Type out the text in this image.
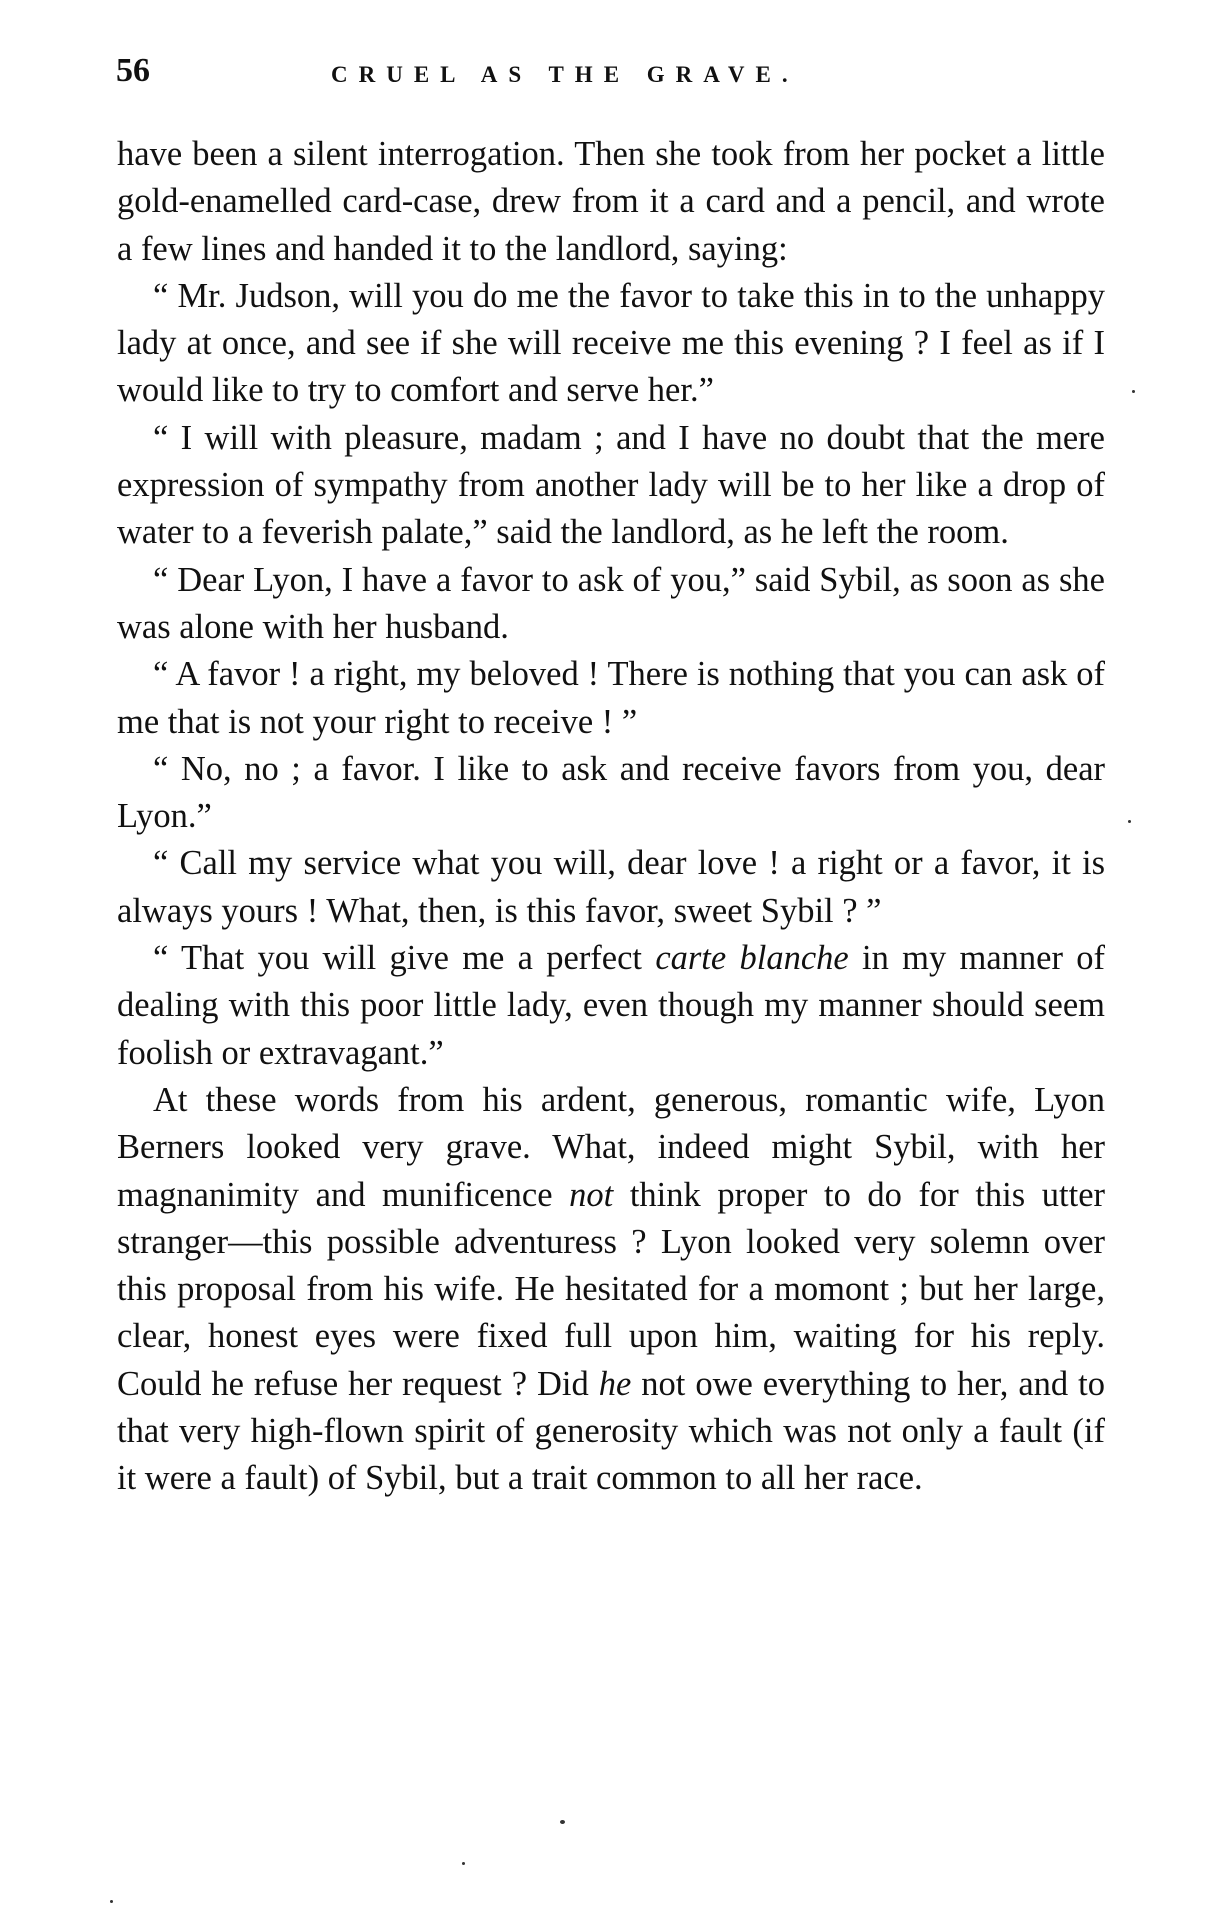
56	CRUEL AS THE GRAVE.

have been a silent interrogation. Then she took from her pocket a little gold-enamelled card-case, drew from it a card and a pencil, and wrote a few lines and handed it to the landlord, saying:

“ Mr. Judson, will you do me the favor to take this in to the unhappy lady at once, and see if she will receive me this evening ? I feel as if I would like to try to comfort and serve her.”

“ I will with pleasure, madam ; and I have no doubt that the mere expression of sympathy from another lady will be to her like a drop of water to a feverish palate,” said the landlord, as he left the room.

“ Dear Lyon, I have a favor to ask of you,” said Sybil, as soon as she was alone with her husband.

“ A favor ! a right, my beloved ! There is nothing that you can ask of me that is not your right to receive ! ”

“ No, no ; a favor. I like to ask and receive favors from you, dear Lyon.”

“ Call my service what you will, dear love ! a right or a favor, it is always yours ! What, then, is this favor, sweet Sybil ? ”

“ That you will give me a perfect carte blanche in my manner of dealing with this poor little lady, even though my manner should seem foolish or extravagant.”

At these words from his ardent, generous, romantic wife, Lyon Berners looked very grave. What, indeed might Sybil, with her magnanimity and munificence not think proper to do for this utter stranger—this possible adventuress ? Lyon looked very solemn over this proposal from his wife. He hesitated for a momont ; but her large, clear, honest eyes were fixed full upon him, waiting for his reply. Could he refuse her request ? Did he not owe everything to her, and to that very high-flown spirit of generosity which was not only a fault (if it were a fault) of Sybil, but a trait common to all her race.
